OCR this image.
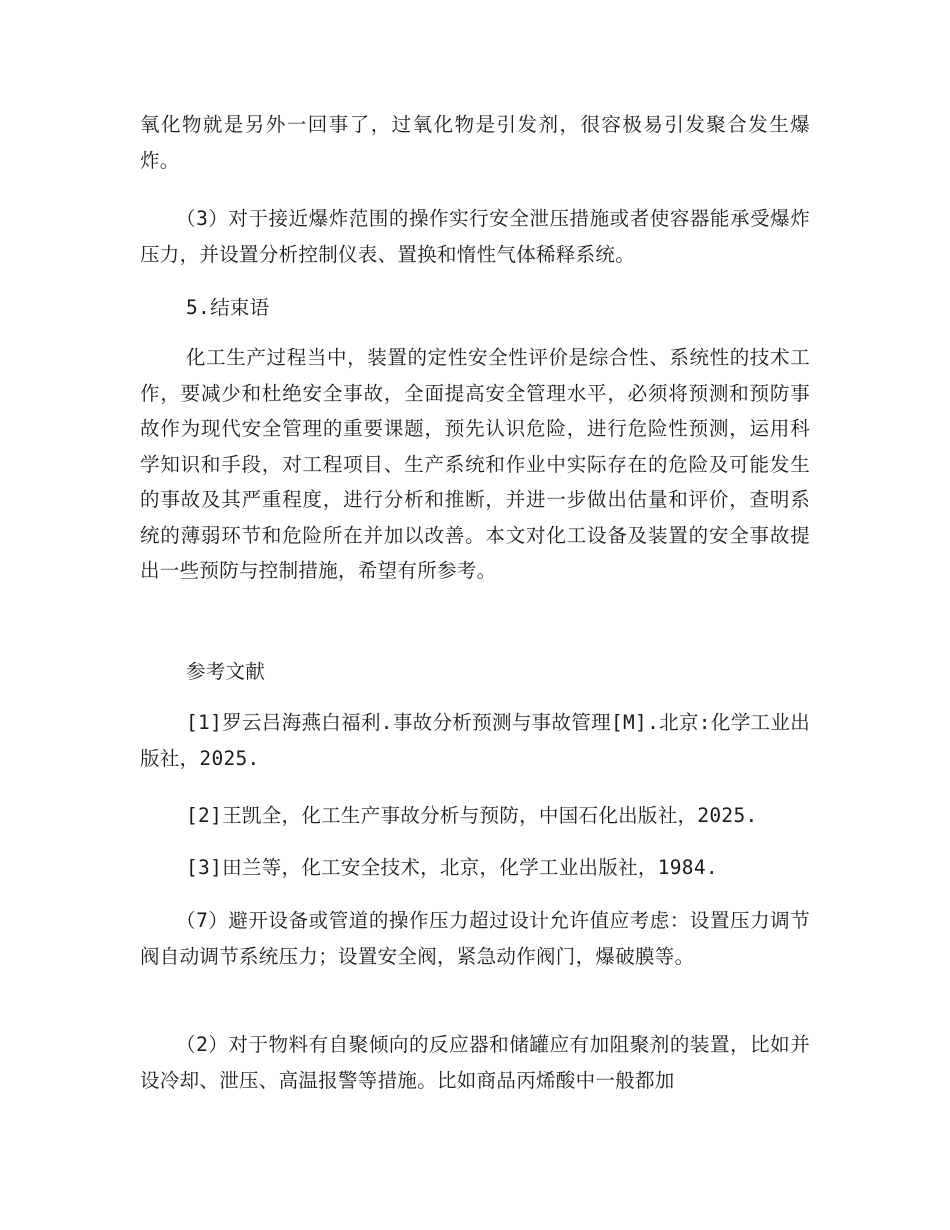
氧化物就是另外一回事了，过氧化物是引发剂，很容极易引发聚合发生爆炸。

（3）对于接近爆炸范围的操作实行安全泄压措施或者使容器能承受爆炸压力，并设置分析控制仪表、置换和惰性气体稀释系统。

5.结束语

化工生产过程当中，装置的定性安全性评价是综合性、系统性的技术工作，要减少和杜绝安全事故，全面提高安全管理水平，必须将预测和预防事故作为现代安全管理的重要课题，预先认识危险，进行危险性预测，运用科学知识和手段，对工程项目、生产系统和作业中实际存在的危险及可能发生的事故及其严重程度，进行分析和推断，并进一步做出估量和评价，查明系统的薄弱环节和危险所在并加以改善。本文对化工设备及装置的安全事故提出一些预防与控制措施，希望有所参考。

参考文献

[1]罗云吕海燕白福利.事故分析预测与事故管理[M].北京:化学工业出版社，2025.

[2]王凯全，化工生产事故分析与预防，中国石化出版社，2025.

[3]田兰等，化工安全技术，北京，化学工业出版社，1984.

（7）避开设备或管道的操作压力超过设计允许值应考虑：设置压力调节阀自动调节系统压力；设置安全阀，紧急动作阀门，爆破膜等。

（2）对于物料有自聚倾向的反应器和储罐应有加阻聚剂的装置，比如并设冷却、泄压、高温报警等措施。比如商品丙烯酸中一般都加
